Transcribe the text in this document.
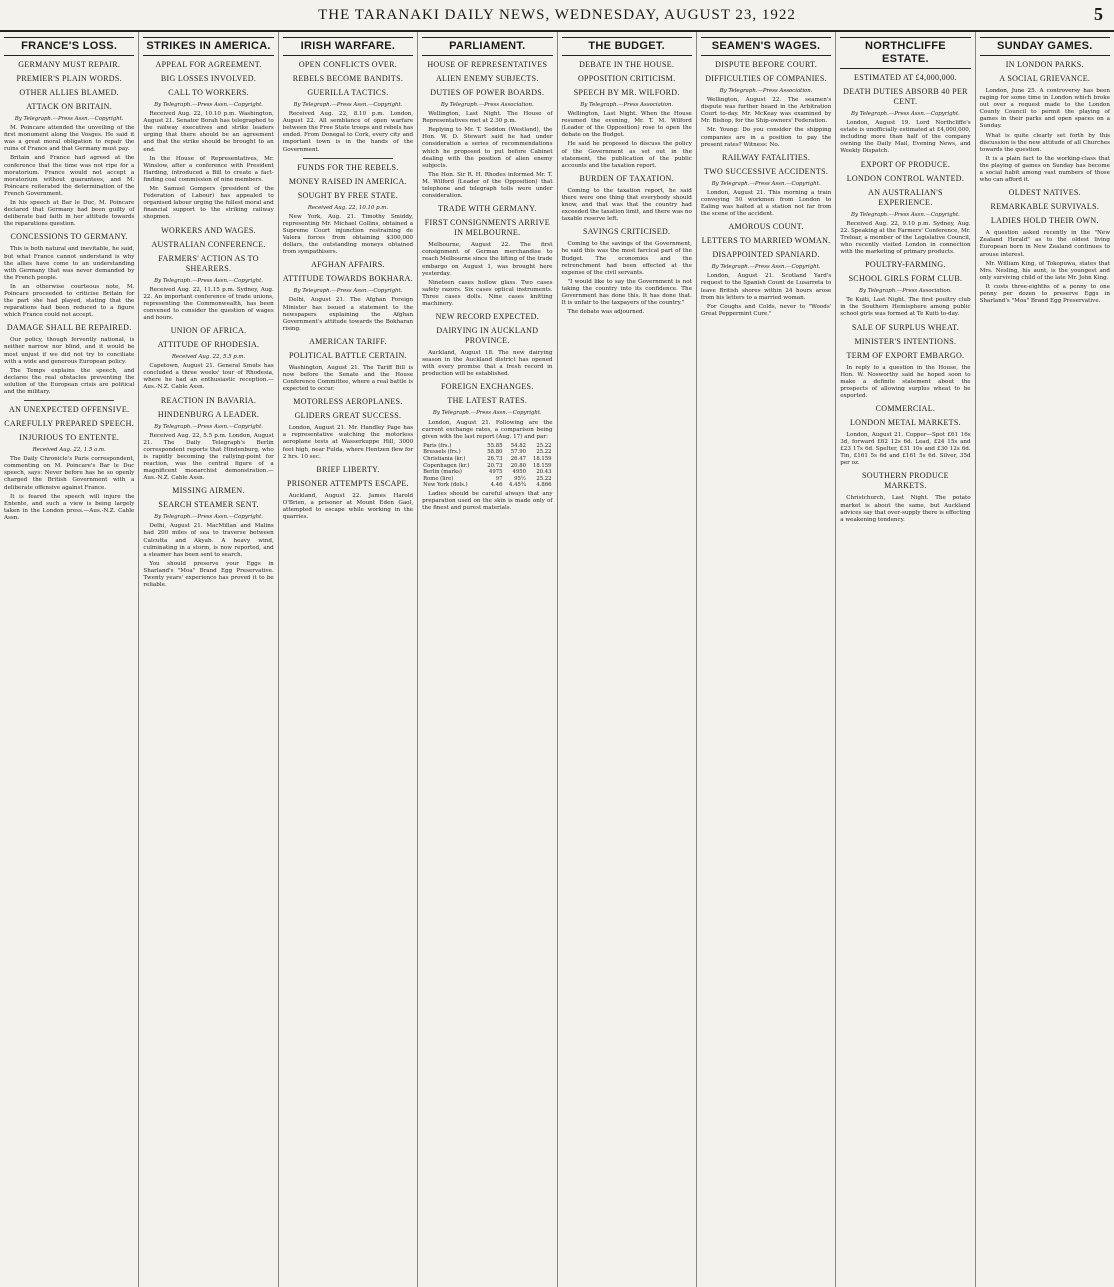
THE TARANAKI DAILY NEWS, WEDNESDAY, AUGUST 23, 1922	5
FRANCE'S LOSS.
GERMANY MUST REPAIR.
PREMIER'S PLAIN WORDS.
OTHER ALLIES BLAMED.
ATTACK ON BRITAIN.
By Telegraph.—Press Assn.—Copyright.

M. Poincare attended the unveiling of the first monument along the Vosges. He said it was a great moral obligation to repair the ruins of France and that Germany must pay.

Britain and France had agreed at the conference that the time was not ripe for a moratorium. France would not accept a moratorium without guarantees, and M. Poincare reiterated the determination of the French Government.

In his speech at Bar le Duc, M. Poincare declared that Germany had been guilty of deliberate bad faith in her attitude towards the reparations question.

CONCESSIONS TO GERMANY.

This is both natural and inevitable, he said, but what France cannot understand is why the allies have come to an understanding with Germany that was never demanded by the French people.

In an otherwise courteous note, M. Poincare proceeded to criticise Britain for the part she had played, stating that the reparations had been reduced to a figure which France could not accept.

DAMAGE SHALL BE REPAIRED.

Our policy, though fervently national, is neither narrow nor blind, and it would be most unjust if we did not try to conciliate with a wide and generous European policy.

The Temps explains the speech, and declares the real obstacles preventing the solution of the European crisis are political and the military.

AN UNEXPECTED OFFENSIVE.
CAREFULLY PREPARED SPEECH.
INJURIOUS TO ENTENTE.
Received Aug. 22, 1.5 a.m.

The Daily Chronicle's Paris correspondent, commenting on M. Poincare's Bar le Duc speech, says: Never before has he so openly charged the British Government with a deliberate offensive against France.

It is feared the speech will injure the Entente, and such a view is being largely taken in the London press.—Aus.-N.Z. Cable Assn.

STRIKES IN AMERICA.
APPEAL FOR AGREEMENT.
BIG LOSSES INVOLVED.
CALL TO WORKERS.
By Telegraph.—Press Assn.—Copyright.

Received Aug. 22, 10.10 p.m. Washington, August 21. Senator Borah has telegraphed to the railway executives and strike leaders urging that there should be an agreement and that the strike should be brought to an end.

In the House of Representatives, Mr. Winslow, after a conference with President Harding, introduced a Bill to create a fact-finding coal commission of nine members.

Mr. Samuel Gompers (president of the Federation of Labour) has appealed to organised labour urging the fullest moral and financial support to the striking railway shopmen.

WORKERS AND WAGES.
AUSTRALIAN CONFERENCE.
FARMERS' ACTION AS TO SHEARERS.
By Telegraph.—Press Assn.—Copyright.

Received Aug. 22, 11.15 p.m. Sydney, Aug. 22. An important conference of trade unions, representing the Commonwealth, has been convened to consider the question of wages and hours.

UNION OF AFRICA.
ATTITUDE OF RHODESIA.
Received Aug. 22, 5.5 p.m.

Capetown, August 21. General Smuts has concluded a three weeks' tour of Rhodesia, where he had an enthusiastic reception.—Aus.-N.Z. Cable Assn.

REACTION IN BAVARIA.
HINDENBURG A LEADER.
By Telegraph.—Press Assn.—Copyright.

Received Aug. 22, 5.5 p.m. London, August 21. The Daily Telegraph's Berlin correspondent reports that Hindenburg, who is rapidly becoming the rallying-point for reaction, was the central figure of a magnificent monarchist demonstration.—Aus.-N.Z. Cable Assn.

MISSING AIRMEN.
SEARCH STEAMER SENT.
By Telegraph.—Press Assn.—Copyright.

Delhi, August 21. MacMillan and Malins had 200 miles of sea to traverse between Calcutta and Akyab. A heavy wind, culminating in a storm, is now reported, and a steamer has been sent to search.

You should preserve your Eggs in Sharland's "Moa" Brand Egg Preservative. Twenty years' experience has proved it to be reliable.

IRISH WARFARE.
OPEN CONFLICTS OVER.
REBELS BECOME BANDITS.
GUERILLA TACTICS.
By Telegraph.—Press Assn.—Copyright.

Received Aug. 22, 8.10 p.m. London, August 22. All semblance of open warfare between the Free State troops and rebels has ended. From Donegal to Cork, every city and important town is in the hands of the Government.

FUNDS FOR THE REBELS.
MONEY RAISED IN AMERICA.
SOUGHT BY FREE STATE.
Received Aug. 22, 10.10 p.m.

New York, Aug. 21. Timothy Smiddy, representing Mr. Michael Collins, obtained a Supreme Court injunction restraining de Valera forces from obtaining $300,000 dollars, the outstanding moneys obtained from sympathisers.

AFGHAN AFFAIRS.
ATTITUDE TOWARDS BOKHARA.
By Telegraph.—Press Assn.—Copyright.

Delhi, August 21. The Afghan Foreign Minister has issued a statement to the newspapers explaining the Afghan Government's attitude towards the Bokharan rising.

AMERICAN TARIFF.
POLITICAL BATTLE CERTAIN.

Washington, August 21. The Tariff Bill is now before the Senate and the House Conference Committee, where a real battle is expected to occur.

MOTORLESS AEROPLANES.
GLIDERS GREAT SUCCESS.

London, August 21. Mr. Handley Page has a representative watching the motorless aeroplane tests at Wasserkuppe Hill, 3000 feet high, near Fulda, where Hentzen flew for 2 hrs. 10 sec.

BRIEF LIBERTY.
PRISONER ATTEMPTS ESCAPE.

Auckland, August 22. James Harold O'Brien, a prisoner at Mount Eden Gaol, attempted to escape while working in the quarries.

PARLIAMENT.
HOUSE OF REPRESENTATIVES
ALIEN ENEMY SUBJECTS.
DUTIES OF POWER BOARDS.
By Telegraph.—Press Association.

Wellington, Last Night. The House of Representatives met at 2.30 p.m.

Replying to Mr. T. Seddon (Westland), the Hon. W. D. Stewart said he had under consideration a series of recommendations which he proposed to put before Cabinet dealing with the position of alien enemy subjects.

The Hon. Sir R. H. Rhodes informed Mr. T. M. Wilford (Leader of the Opposition) that telephone and telegraph tolls were under consideration.

TRADE WITH GERMANY.
FIRST CONSIGNMENTS ARRIVE IN MELBOURNE.

Melbourne, August 22. The first consignment of German merchandise to reach Melbourne since the lifting of the trade embargo on August 1, was brought here yesterday.

Nineteen cases hollow glass. Two cases safety razors. Six cases optical instruments. Three cases dolls. Nine cases knitting machinery.

NEW RECORD EXPECTED.
DAIRYING IN AUCKLAND PROVINCE.

Auckland, August 18. The new dairying season in the Auckland district has opened with every promise that a fresh record in production will be established.

FOREIGN EXCHANGES.
THE LATEST RATES.
By Telegraph.—Press Assn.—Copyright.

London, August 21. Following are the current exchange rates, a comparison being given with the last report (Aug. 17) and par:

Paris (frs.)	55.85	54.82	25.22
Brussels (frs.)	58.80	57.90	25.22
Christiania (kr.)	26.73	26.47	18.159
Copenhagen (kr.)	20.73	20.80	18.159
Berlin (marks)	4975	4950	20.43
Rome (lire)	97	95½	25.22
New York (dols.)	4.46	4.45¾	4.866

Ladies should be careful always that any preparation used on the skin is made only of the finest and purest materials.

THE BUDGET.
DEBATE IN THE HOUSE.
OPPOSITION CRITICISM.
SPEECH BY MR. WILFORD.
By Telegraph.—Press Association.

Wellington, Last Night. When the House resumed the evening, Mr. T. M. Wilford (Leader of the Opposition) rose to open the debate on the Budget.

He said he proposed to discuss the policy of the Government as set out in the statement, the publication of the public accounts and the taxation report.

BURDEN OF TAXATION.

Coming to the taxation report, he said there were one thing that everybody should know, and that was that the country had exceeded the taxation limit, and there was no taxable reserve left.

SAVINGS CRITICISED.

Coming to the savings of the Government, he said this was the most farcical part of the Budget. The economies and the retrenchment had been effected at the expense of the civil servants.

"I would like to say the Government is not taking the country into its confidence. The Government has done this. It has done that. It is unfair to the taxpayers of the country."

The debate was adjourned.

SEAMEN'S WAGES.
DISPUTE BEFORE COURT.
DIFFICULTIES OF COMPANIES.
By Telegraph.—Press Association.

Wellington, August 22. The seamen's dispute was further heard in the Arbitration Court to-day. Mr. McKeay was examined by Mr. Bishop, for the Ship-owners' Federation.

Mr. Young: Do you consider the shipping companies are in a position to pay the present rates? Witness: No.

RAILWAY FATALITIES.
TWO SUCCESSIVE ACCIDENTS.
By Telegraph.—Press Assn.—Copyright.

London, August 21. This morning a train conveying 50 workmen from London to Ealing was halted at a station not far from the scene of the accident.

AMOROUS COUNT.
LETTERS TO MARRIED WOMAN.
DISAPPOINTED SPANIARD.
By Telegraph.—Press Assn.—Copyright.

London, August 21. Scotland Yard's request to the Spanish Count de Lusarreta to leave British shores within 24 hours arose from his letters to a married woman.

For Coughs and Colds, never to "Woods' Great Peppermint Cure."

NORTHCLIFFE ESTATE.
ESTIMATED AT £4,000,000.
DEATH DUTIES ABSORB 40 PER CENT.
By Telegraph.—Press Assn.—Copyright.

London, August 19. Lord Northcliffe's estate is unofficially estimated at £4,000,000, including more than half of the company owning the Daily Mail, Evening News, and Weekly Dispatch.

EXPORT OF PRODUCE.
LONDON CONTROL WANTED.
AN AUSTRALIAN'S EXPERIENCE.
By Telegraph.—Press Assn.—Copyright.

Received Aug. 22, 9.10 p.m. Sydney, Aug. 22. Speaking at the Farmers' Conference, Mr. Treloar, a member of the Legislative Council, who recently visited London in connection with the marketing of primary products.

POULTRY-FARMING.
SCHOOL GIRLS FORM CLUB.
By Telegraph.—Press Association.

Te Kuiti, Last Night. The first poultry club in the Southern Hemisphere among public school girls was formed at Te Kuiti to-day.

SALE OF SURPLUS WHEAT.
MINISTER'S INTENTIONS.
TERM OF EXPORT EMBARGO.

In reply to a question in the House, the Hon. W. Nosworthy said he hoped soon to make a definite statement about the prospects of allowing surplus wheat to be exported.

COMMERCIAL.
LONDON METAL MARKETS.

London, August 21. Copper—Spot £61 16s 3d, forward £62 12s 6d. Lead, £24 15s and £23 17s 6d. Spelter, £31 10s and £30 12s 6d. Tin, £161 5s 6d and £161 5s 6d. Silver, 35d per oz.

SOUTHERN PRODUCE MARKETS.

Christchurch, Last Night. The potato market is about the same, but Auckland advices say that over-supply there is effecting a weakening tendency.

SUNDAY GAMES.
IN LONDON PARKS.
A SOCIAL GRIEVANCE.

London, June 25. A controversy has been raging for some time in London which broke out over a request made to the London County Council to permit the playing of games in their parks and open spaces on a Sunday.

What is quite clearly set forth by this discussion is the new attitude of all Churches towards the question.

It is a plain fact to the working-class that the playing of games on Sunday has become a social habit among vast numbers of those who can afford it.

OLDEST NATIVES.
REMARKABLE SURVIVALS.
LADIES HOLD THEIR OWN.

A question asked recently in the "New Zealand Herald" as to the oldest living European born in New Zealand continues to arouse interest.

Mr. William King, of Tokopuwa, states that Mrs. Nesling, his aunt, is the youngest and only surviving child of the late Mr. John King.

It costs three-eighths of a penny to one penny per dozen to preserve Eggs in Sharland's "Moa" Brand Egg Preservative.
